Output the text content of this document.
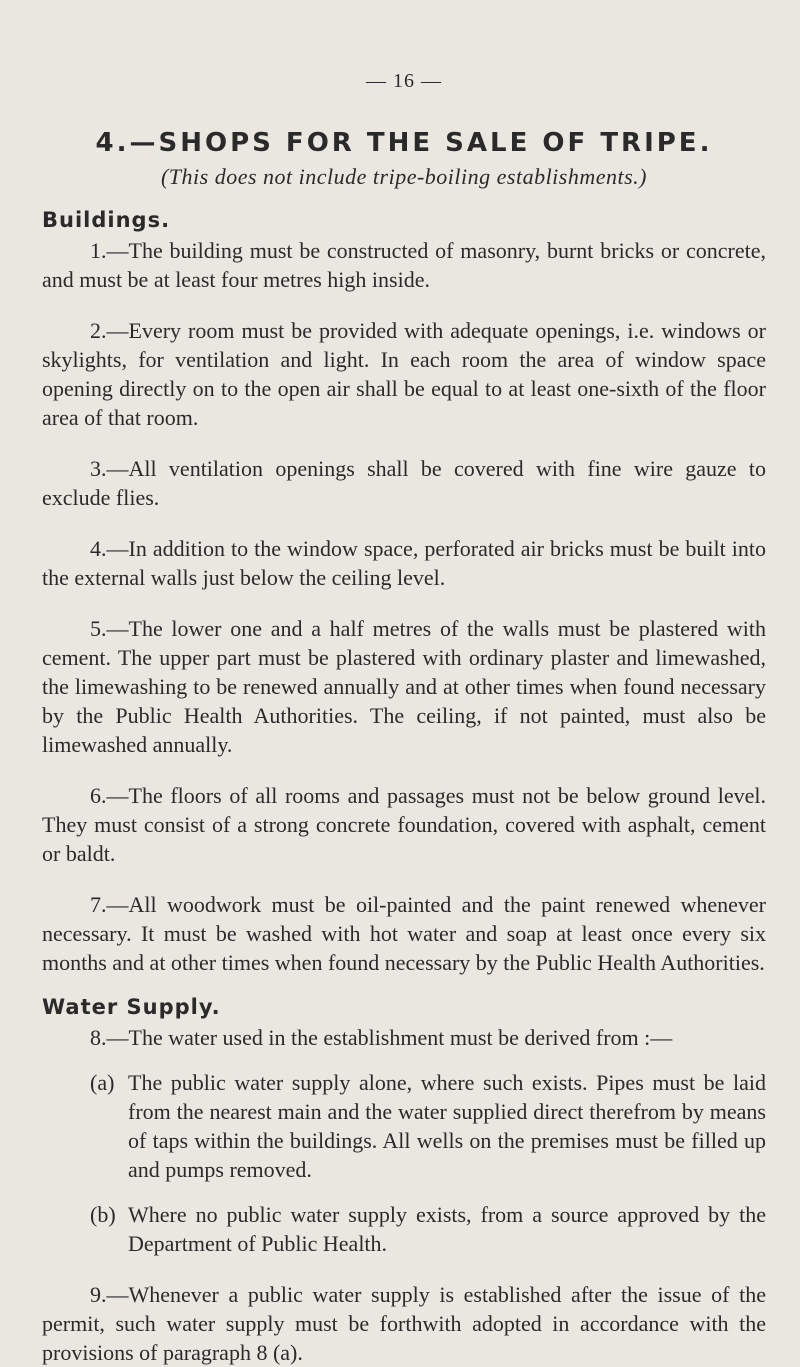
— 16 —
4.—SHOPS FOR THE SALE OF TRIPE.
(This does not include tripe-boiling establishments.)
Buildings.

1.—The building must be constructed of masonry, burnt bricks or concrete, and must be at least four metres high inside.

2.—Every room must be provided with adequate openings, i.e. windows or skylights, for ventilation and light. In each room the area of window space opening directly on to the open air shall be equal to at least one-sixth of the floor area of that room.

3.—All ventilation openings shall be covered with fine wire gauze to exclude flies.

4.—In addition to the window space, perforated air bricks must be built into the external walls just below the ceiling level.

5.—The lower one and a half metres of the walls must be plastered with cement. The upper part must be plastered with ordinary plaster and limewashed, the limewashing to be renewed annually and at other times when found necessary by the Public Health Authorities. The ceiling, if not painted, must also be limewashed annually.

6.—The floors of all rooms and passages must not be below ground level. They must consist of a strong concrete foundation, covered with asphalt, cement or baldt.

7.—All woodwork must be oil-painted and the paint renewed whenever necessary. It must be washed with hot water and soap at least once every six months and at other times when found necessary by the Public Health Authorities.

Water Supply.

8.—The water used in the establishment must be derived from :—

(a) The public water supply alone, where such exists. Pipes must be laid from the nearest main and the water supplied direct therefrom by means of taps within the buildings. All wells on the premises must be filled up and pumps removed.
(b) Where no public water supply exists, from a source approved by the Department of Public Health.

9.—Whenever a public water supply is established after the issue of the permit, such water supply must be forthwith adopted in accordance with the provisions of paragraph 8 (a).
